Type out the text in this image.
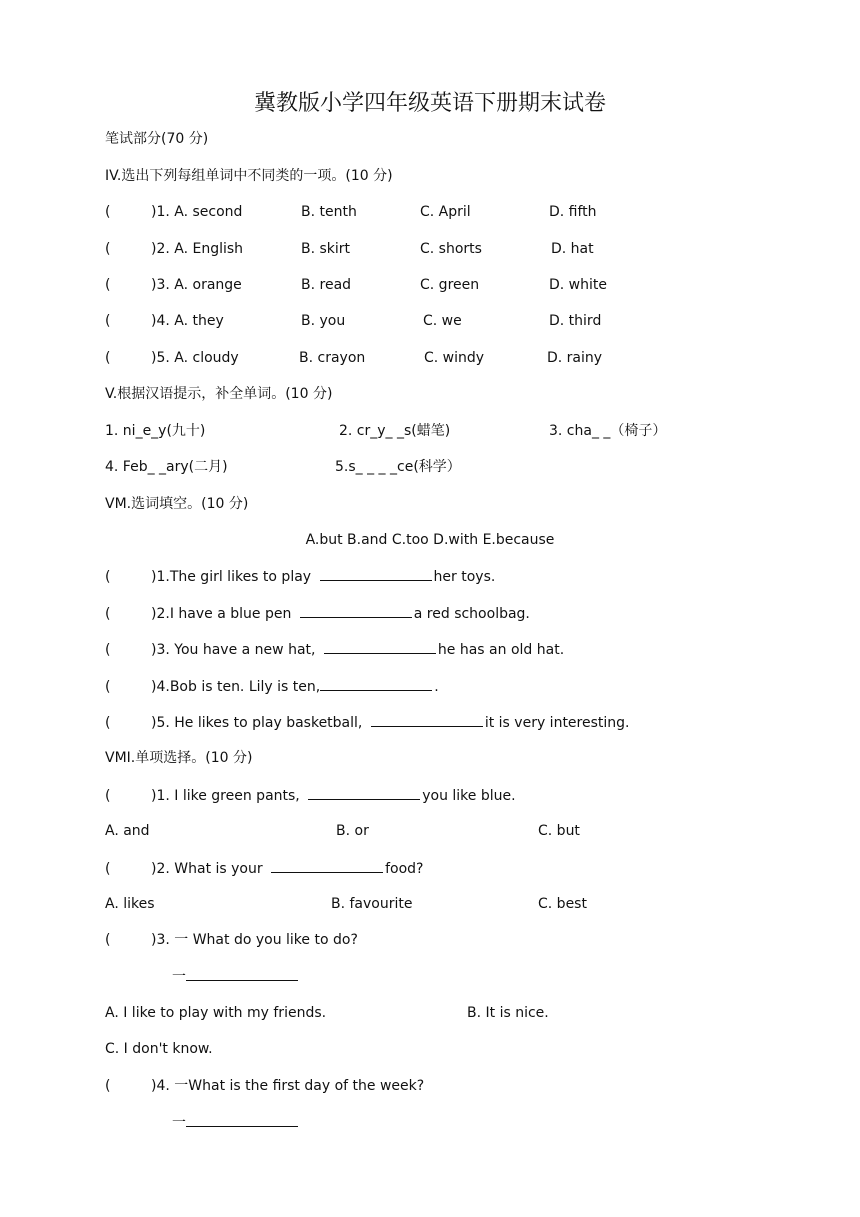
冀教版小学四年级英语下册期末试卷
笔试部分(70 分)
IV.选出下列每组单词中不同类的一项。(10 分)
(	)1. A. second	B. tenth	C. April	D. fifth
(	)2. A. English	B. skirt	C. shorts	D. hat
(	)3. A. orange	B. read	C. green	D. white
(	)4. A. they	B. you	C. we	D. third
(	)5. A. cloudy	B. crayon	C. windy	D. rainy
V.根据汉语提示，补全单词。(10 分)
1. ni_e_y(九十)	2. cr_y_ _s(蜡笔)	3. cha_ _（椅子）
4. Feb_ _ary(二月)	5.s_ _ _ _ce(科学）
VM.选词填空。(10 分)
A.but B.and C.too D.with E.because
(	)1.The girl likes to play	her toys.
(	)2.I have a blue pen	a red schoolbag.
(	)3. You have a new hat,	he has an old hat.
(	)4.Bob is ten. Lily is ten,	.
(	)5. He likes to play basketball,	it is very interesting.
VMI.单项选择。(10 分)
(	)1. I like green pants,	you like blue.
A. and	B. or	C. but
(	)2. What is your	food?
A. likes	B. favourite	C. best
(	)3. 一 What do you like to do?
一
A. I like to play with my friends.	B. It is nice.
C. I don't know.
(	)4. 一What is the first day of the week?
一
